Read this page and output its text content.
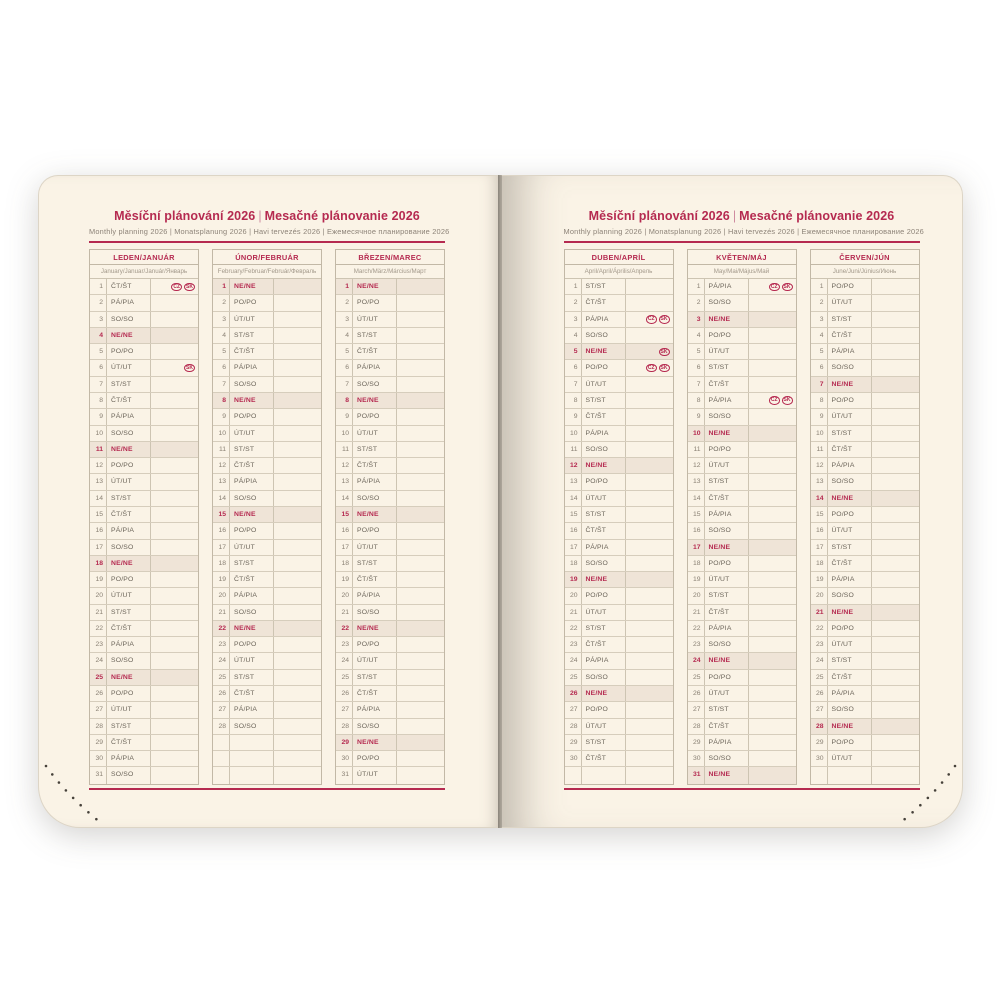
Měsíční plánování 2026 | Mesačné plánovanie 2026
Monthly planning 2026 | Monatsplanung 2026 | Havi tervezés 2026 | Ежемесячное планирование 2026
LEDEN/JANUÁR
January/Januar/Január/Январь
1	ČT/ŠT	CZ SK
2	PÁ/PIA
3	SO/SO
4	NE/NE
5	PO/PO
6	ÚT/UT	SK
7	ST/ST
8	ČT/ŠT
9	PÁ/PIA
10	SO/SO
11	NE/NE
12	PO/PO
13	ÚT/UT
14	ST/ST
15	ČT/ŠT
16	PÁ/PIA
17	SO/SO
18	NE/NE
19	PO/PO
20	ÚT/UT
21	ST/ST
22	ČT/ŠT
23	PÁ/PIA
24	SO/SO
25	NE/NE
26	PO/PO
27	ÚT/UT
28	ST/ST
29	ČT/ŠT
30	PÁ/PIA
31	SO/SO
ÚNOR/FEBRUÁR
February/Februar/Február/Февраль
1	NE/NE
2	PO/PO
3	ÚT/UT
4	ST/ST
5	ČT/ŠT
6	PÁ/PIA
7	SO/SO
8	NE/NE
9	PO/PO
10	ÚT/UT
11	ST/ST
12	ČT/ŠT
13	PÁ/PIA
14	SO/SO
15	NE/NE
16	PO/PO
17	ÚT/UT
18	ST/ST
19	ČT/ŠT
20	PÁ/PIA
21	SO/SO
22	NE/NE
23	PO/PO
24	ÚT/UT
25	ST/ST
26	ČT/ŠT
27	PÁ/PIA
28	SO/SO
BŘEZEN/MAREC
March/März/Március/Март
1	NE/NE
2	PO/PO
3	ÚT/UT
4	ST/ST
5	ČT/ŠT
6	PÁ/PIA
7	SO/SO
8	NE/NE
9	PO/PO
10	ÚT/UT
11	ST/ST
12	ČT/ŠT
13	PÁ/PIA
14	SO/SO
15	NE/NE
16	PO/PO
17	ÚT/UT
18	ST/ST
19	ČT/ŠT
20	PÁ/PIA
21	SO/SO
22	NE/NE
23	PO/PO
24	ÚT/UT
25	ST/ST
26	ČT/ŠT
27	PÁ/PIA
28	SO/SO
29	NE/NE
30	PO/PO
31	ÚT/UT
Měsíční plánování 2026 | Mesačné plánovanie 2026
Monthly planning 2026 | Monatsplanung 2026 | Havi tervezés 2026 | Ежемесячное планирование 2026
DUBEN/APRÍL
April/April/Április/Апрель
1	ST/ST
2	ČT/ŠT
3	PÁ/PIA	CZ SK
4	SO/SO
5	NE/NE	SK
6	PO/PO	CZ SK
7	ÚT/UT
8	ST/ST
9	ČT/ŠT
10	PÁ/PIA
11	SO/SO
12	NE/NE
13	PO/PO
14	ÚT/UT
15	ST/ST
16	ČT/ŠT
17	PÁ/PIA
18	SO/SO
19	NE/NE
20	PO/PO
21	ÚT/UT
22	ST/ST
23	ČT/ŠT
24	PÁ/PIA
25	SO/SO
26	NE/NE
27	PO/PO
28	ÚT/UT
29	ST/ST
30	ČT/ŠT
KVĚTEN/MÁJ
May/Mai/Május/Май
1	PÁ/PIA	CZ SK
2	SO/SO
3	NE/NE
4	PO/PO
5	ÚT/UT
6	ST/ST
7	ČT/ŠT
8	PÁ/PIA	CZ SK
9	SO/SO
10	NE/NE
11	PO/PO
12	ÚT/UT
13	ST/ST
14	ČT/ŠT
15	PÁ/PIA
16	SO/SO
17	NE/NE
18	PO/PO
19	ÚT/UT
20	ST/ST
21	ČT/ŠT
22	PÁ/PIA
23	SO/SO
24	NE/NE
25	PO/PO
26	ÚT/UT
27	ST/ST
28	ČT/ŠT
29	PÁ/PIA
30	SO/SO
31	NE/NE
ČERVEN/JÚN
June/Juni/Június/Июнь
1	PO/PO
2	ÚT/UT
3	ST/ST
4	ČT/ŠT
5	PÁ/PIA
6	SO/SO
7	NE/NE
8	PO/PO
9	ÚT/UT
10	ST/ST
11	ČT/ŠT
12	PÁ/PIA
13	SO/SO
14	NE/NE
15	PO/PO
16	ÚT/UT
17	ST/ST
18	ČT/ŠT
19	PÁ/PIA
20	SO/SO
21	NE/NE
22	PO/PO
23	ÚT/UT
24	ST/ST
25	ČT/ŠT
26	PÁ/PIA
27	SO/SO
28	NE/NE
29	PO/PO
30	ÚT/UT
